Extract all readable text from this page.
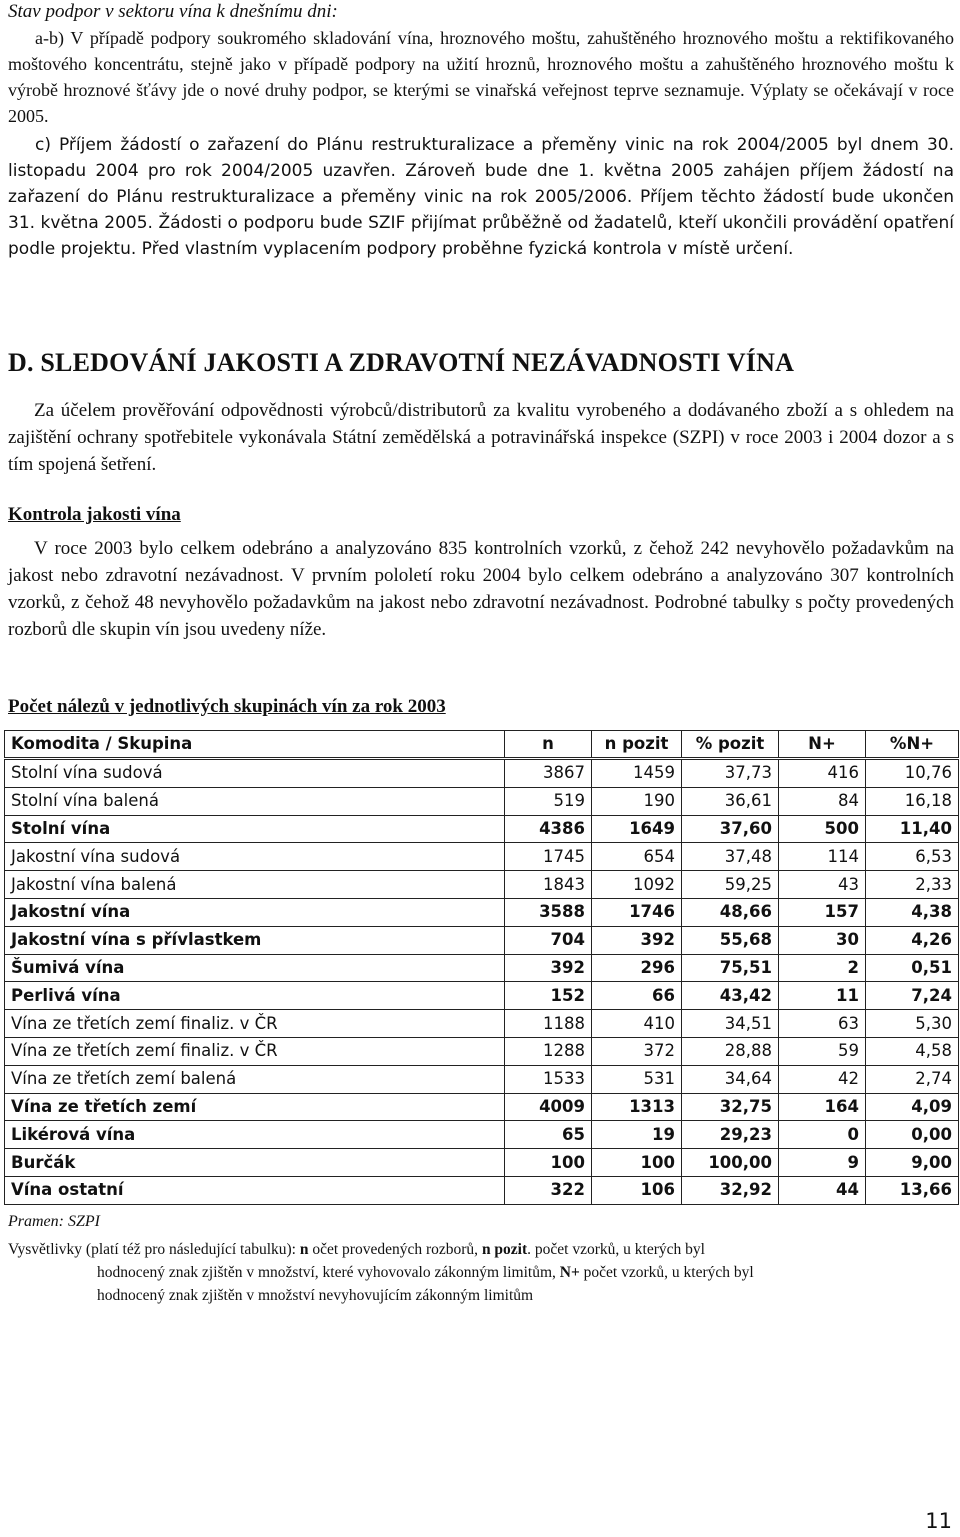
Stav podpor v sektoru vína k dnešnímu dni:
a-b) V případě podpory soukromého skladování vína, hroznového moštu, zahuštěného hroznového moštu a rektifikovaného moštového koncentrátu, stejně jako v případě podpory na užití hroznů, hroznového moštu a zahuštěného hroznového moštu k výrobě hroznové šťávy jde o nové druhy podpor, se kterými se vinařská veřejnost teprve seznamuje. Výplaty se očekávají v roce 2005.
c) Příjem žádostí o zařazení do Plánu restrukturalizace a přeměny vinic na rok 2004/2005 byl dnem 30. listopadu 2004 pro rok 2004/2005 uzavřen. Zároveň bude dne 1. května 2005 zahájen příjem žádostí na zařazení do Plánu restrukturalizace a přeměny vinic na rok 2005/2006. Příjem těchto žádostí bude ukončen 31. května 2005. Žádosti o podporu bude SZIF přijímat průběžně od žadatelů, kteří ukončili provádění opatření podle projektu. Před vlastním vyplacením podpory proběhne fyzická kontrola v místě určení.
D. SLEDOVÁNÍ JAKOSTI A ZDRAVOTNÍ NEZÁVADNOSTI VÍNA
Za účelem prověřování odpovědnosti výrobců/distributorů za kvalitu vyrobeného a dodávaného zboží a s ohledem na zajištění ochrany spotřebitele vykonávala Státní zemědělská a potravinářská inspekce (SZPI) v roce 2003 i 2004 dozor a s tím spojená šetření.
Kontrola jakosti vína
V roce 2003 bylo celkem odebráno a analyzováno 835 kontrolních vzorků, z čehož 242 nevyhovělo požadavkům na jakost nebo zdravotní nezávadnost. V prvním pololetí roku 2004 bylo celkem odebráno a analyzováno 307 kontrolních vzorků, z čehož 48 nevyhovělo požadavkům na jakost nebo zdravotní nezávadnost. Podrobné tabulky s počty provedených rozborů dle skupin vín jsou uvedeny níže.
Počet nálezů v jednotlivých skupinách vín za rok 2003
Komodita / Skupina	n	n pozit	% pozit	N+	%N+
Stolní vína sudová	3867	1459	37,73	416	10,76
Stolní vína balená	519	190	36,61	84	16,18
Stolní vína	4386	1649	37,60	500	11,40
Jakostní vína sudová	1745	654	37,48	114	6,53
Jakostní vína balená	1843	1092	59,25	43	2,33
Jakostní vína	3588	1746	48,66	157	4,38
Jakostní vína s přívlastkem	704	392	55,68	30	4,26
Šumivá vína	392	296	75,51	2	0,51
Perlivá vína	152	66	43,42	11	7,24
Vína ze třetích zemí finaliz. v ČR	1188	410	34,51	63	5,30
Vína ze třetích zemí finaliz. v ČR	1288	372	28,88	59	4,58
Vína ze třetích zemí balená	1533	531	34,64	42	2,74
Vína ze třetích zemí	4009	1313	32,75	164	4,09
Likérová vína	65	19	29,23	0	0,00
Burčák	100	100	100,00	9	9,00
Vína ostatní	322	106	32,92	44	13,66
Pramen: SZPI
Vysvětlivky (platí též pro následující tabulku): n očet provedených rozborů, n pozit. počet vzorků, u kterých byl
hodnocený znak zjištěn v množství, které vyhovovalo zákonným limitům, N+ počet vzorků, u kterých byl
hodnocený znak zjištěn v množství nevyhovujícím zákonným limitům
11
